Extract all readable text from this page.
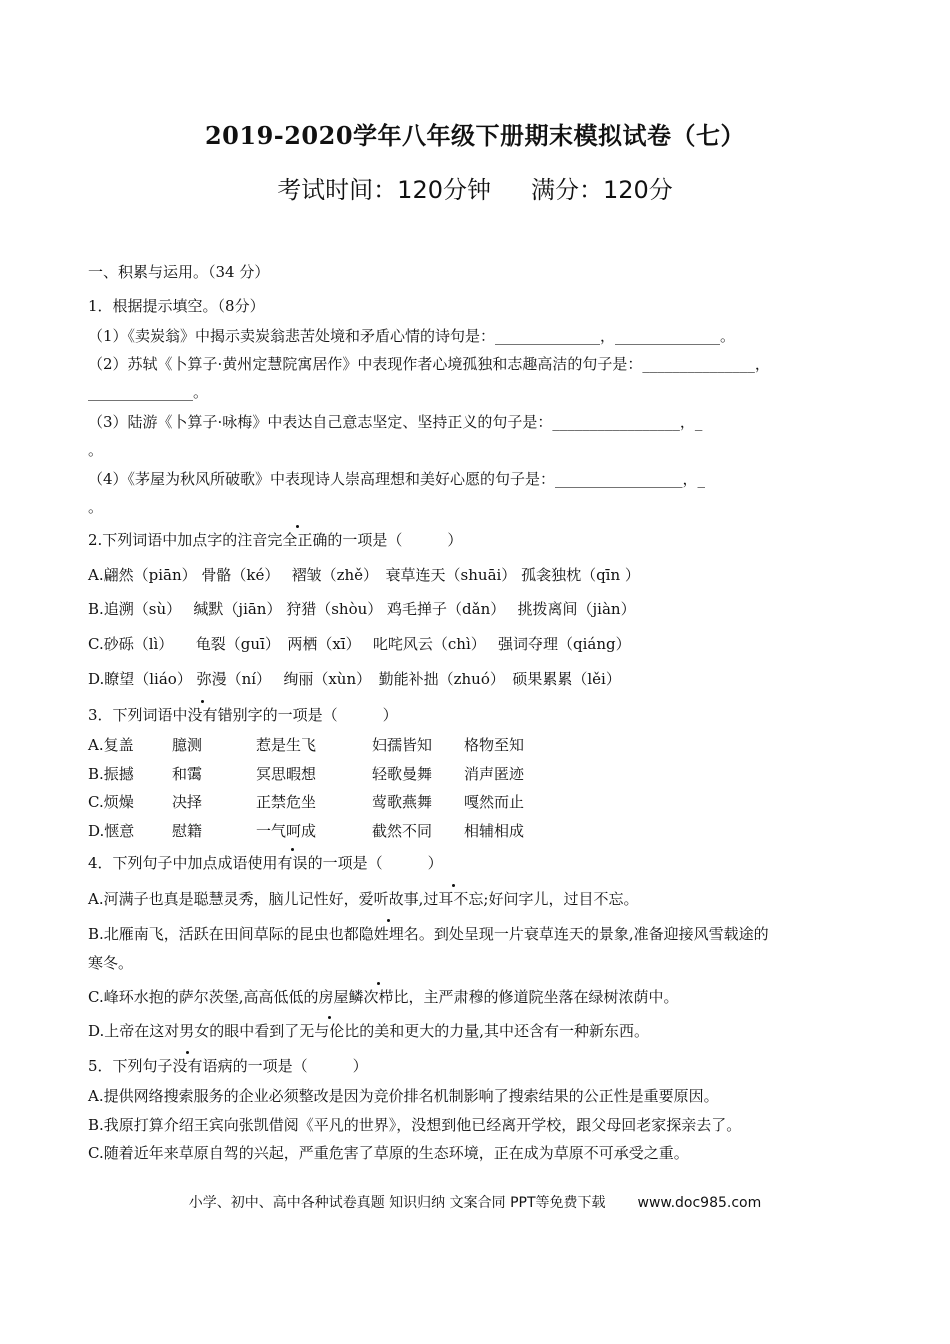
2019-2020学年八年级下册期末模拟试卷（七）
考试时间：120分钟 满分：120分
一、积累与运用。（34 分）
1．根据提示填空。（8分）
（1）《卖炭翁》中揭示卖炭翁悲苦处境和矛盾心情的诗句是：______________，______________。
（2）苏轼《卜算子·黄州定慧院寓居作》中表现作者心境孤独和志趣高洁的句子是：_______________，
______________。
（3）陆游《卜算子·咏梅》中表达自己意志坚定、坚持正义的句子是：_________________，_
。
（4）《茅屋为秋风所破歌》中表现诗人崇高理想和美好心愿的句子是：_________________，_
。
2.下列词语中加点字的注音完全正确的一项是（　　　）
A.翩然（piān） 骨骼（ké）　 褶皱（zhě）　衰草连天（shuāi） 孤衾独枕（qīn ）
B.追溯（sù）　 缄默（jiān） 狩猎（shòu） 鸡毛掸子（dǎn）　 挑拨离间（jiàn）
C.砂砾（lì）　　龟裂（guī）　两栖（xī）　 叱咤风云（chì）　 强词夺理（qiáng）
D.瞭望（liáo） 弥漫（ní）　 绚丽（xùn）　勤能补拙（zhuó）　硕果累累（lěi）
3．下列词语中没有错别字的一项是（　　　）
A.复盖	臆测	惹是生飞	妇孺皆知 格物至知
B.振撼	和霭	冥思暇想	轻歌曼舞 消声匿迹
C.烦燥	决择	正禁危坐	莺歌燕舞 嘎然而止
D.惬意	慰籍	一气呵成	截然不同 相辅相成
4．下列句子中加点成语使用有误的一项是（　　　）
A.河满子也真是聪慧灵秀，脑儿记性好，爱听故事,过耳不忘;好问字儿，过目不忘。
B.北雁南飞，活跃在田间草际的昆虫也都隐姓埋名。到处呈现一片衰草连天的景象,准备迎接风雪载途的
寒冬。
C.峰环水抱的萨尔茨堡,高高低低的房屋鳞次栉比，主严肃穆的修道院坐落在绿树浓荫中。
D.上帝在这对男女的眼中看到了无与伦比的美和更大的力量,其中还含有一种新东西。
5．下列句子没有语病的一项是（　　　）
A.提供网络搜索服务的企业必须整改是因为竞价排名机制影响了搜索结果的公正性是重要原因。
B.我原打算介绍王宾向张凯借阅《平凡的世界》，没想到他已经离开学校，跟父母回老家探亲去了。
C.随着近年来草原自驾的兴起，严重危害了草原的生态环境，正在成为草原不可承受之重。
小学、初中、高中各种试卷真题 知识归纳 文案合同 PPT等免费下载 www.doc985.com
